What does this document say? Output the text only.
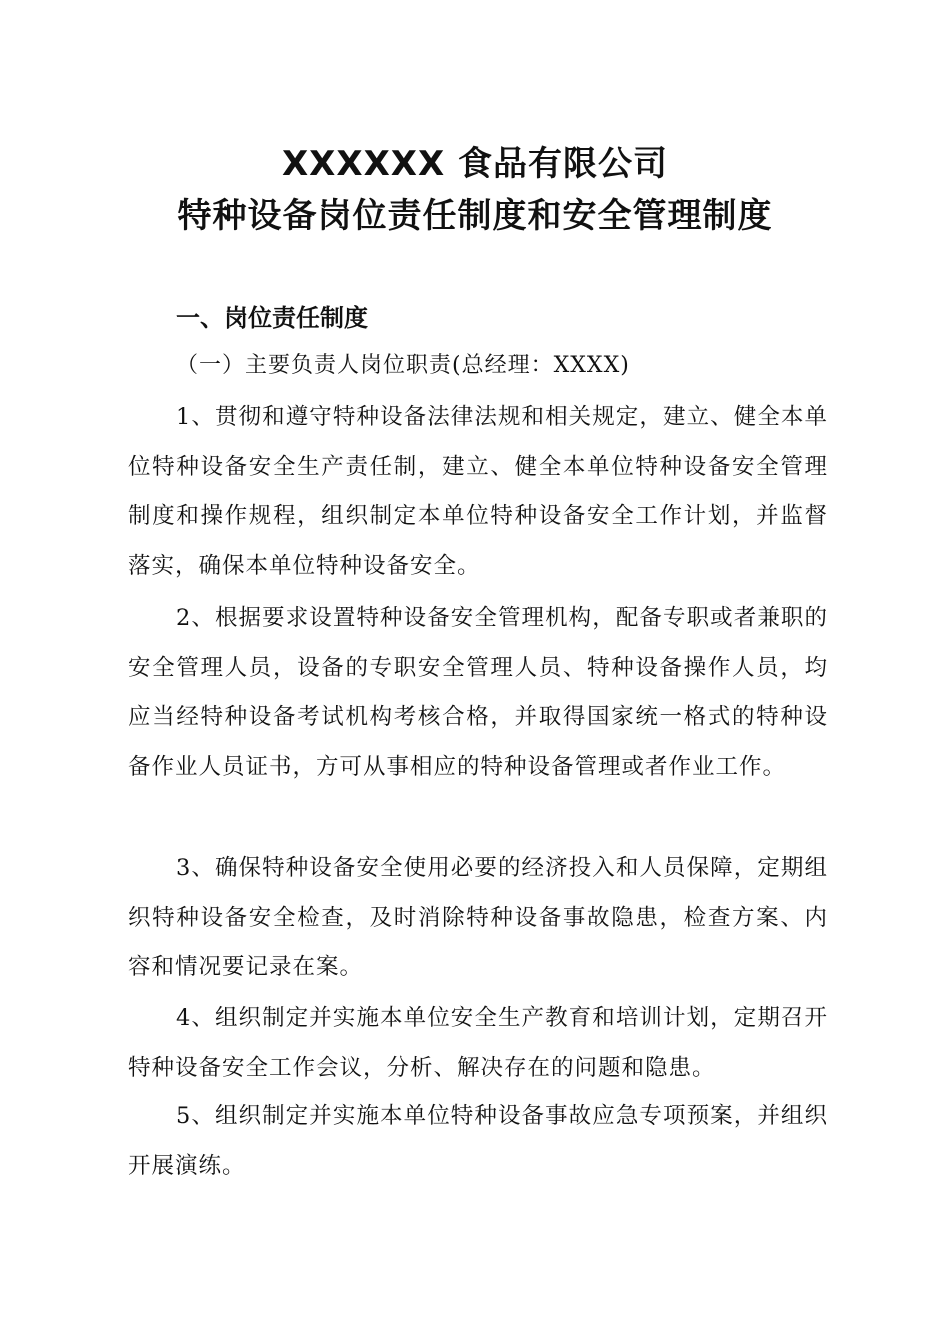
XXXXXX 食品有限公司
特种设备岗位责任制度和安全管理制度
一、岗位责任制度
（一）主要负责人岗位职责(总经理：XXXX)
1、贯彻和遵守特种设备法律法规和相关规定，建立、健全本单位特种设备安全生产责任制，建立、健全本单位特种设备安全管理制度和操作规程，组织制定本单位特种设备安全工作计划，并监督落实，确保本单位特种设备安全。
2、根据要求设置特种设备安全管理机构，配备专职或者兼职的安全管理人员，设备的专职安全管理人员、特种设备操作人员，均应当经特种设备考试机构考核合格，并取得国家统一格式的特种设备作业人员证书，方可从事相应的特种设备管理或者作业工作。
3、确保特种设备安全使用必要的经济投入和人员保障，定期组织特种设备安全检查，及时消除特种设备事故隐患，检查方案、内容和情况要记录在案。
4、组织制定并实施本单位安全生产教育和培训计划，定期召开特种设备安全工作会议，分析、解决存在的问题和隐患。
5、组织制定并实施本单位特种设备事故应急专项预案，并组织开展演练。
